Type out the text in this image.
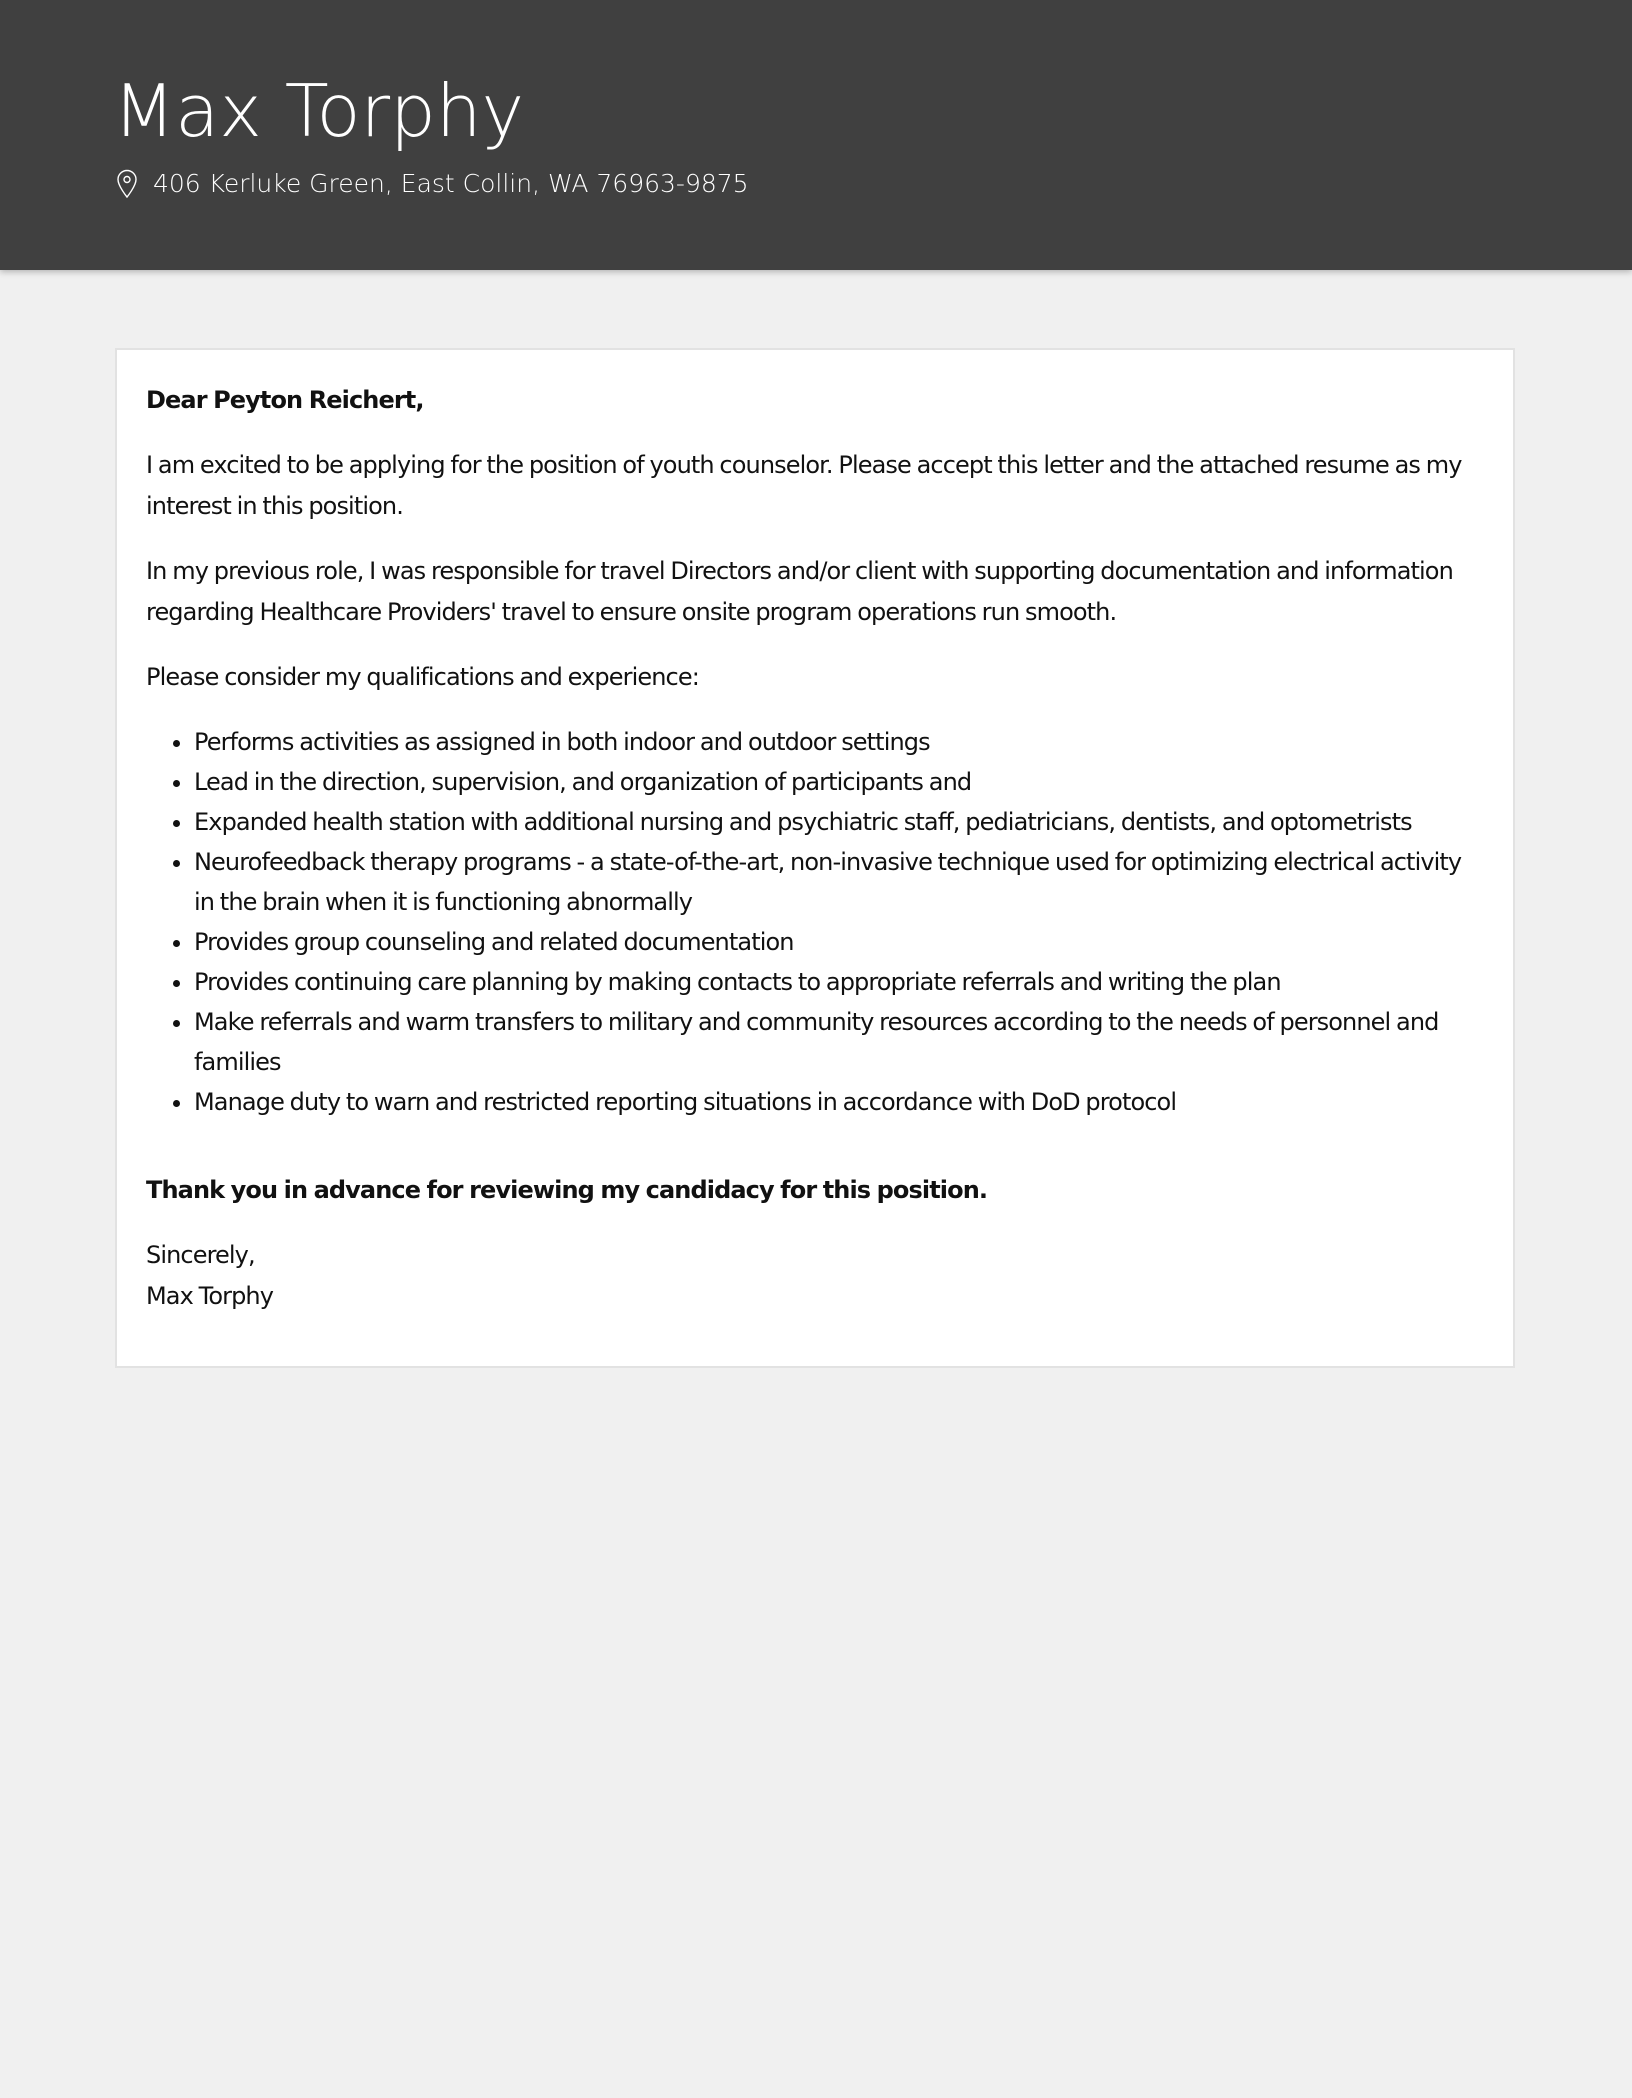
Max Torphy
406 Kerluke Green, East Collin, WA 76963-9875

Dear Peyton Reichert,

I am excited to be applying for the position of youth counselor. Please accept this letter and the attached resume as my interest in this position.

In my previous role, I was responsible for travel Directors and/or client with supporting documentation and information regarding Healthcare Providers' travel to ensure onsite program operations run smooth.

Please consider my qualifications and experience:

• Performs activities as assigned in both indoor and outdoor settings
• Lead in the direction, supervision, and organization of participants and
• Expanded health station with additional nursing and psychiatric staff, pediatricians, dentists, and optometrists
• Neurofeedback therapy programs - a state-of-the-art, non-invasive technique used for optimizing electrical activity in the brain when it is functioning abnormally
• Provides group counseling and related documentation
• Provides continuing care planning by making contacts to appropriate referrals and writing the plan
• Make referrals and warm transfers to military and community resources according to the needs of personnel and families
• Manage duty to warn and restricted reporting situations in accordance with DoD protocol

Thank you in advance for reviewing my candidacy for this position.

Sincerely,

Max Torphy
